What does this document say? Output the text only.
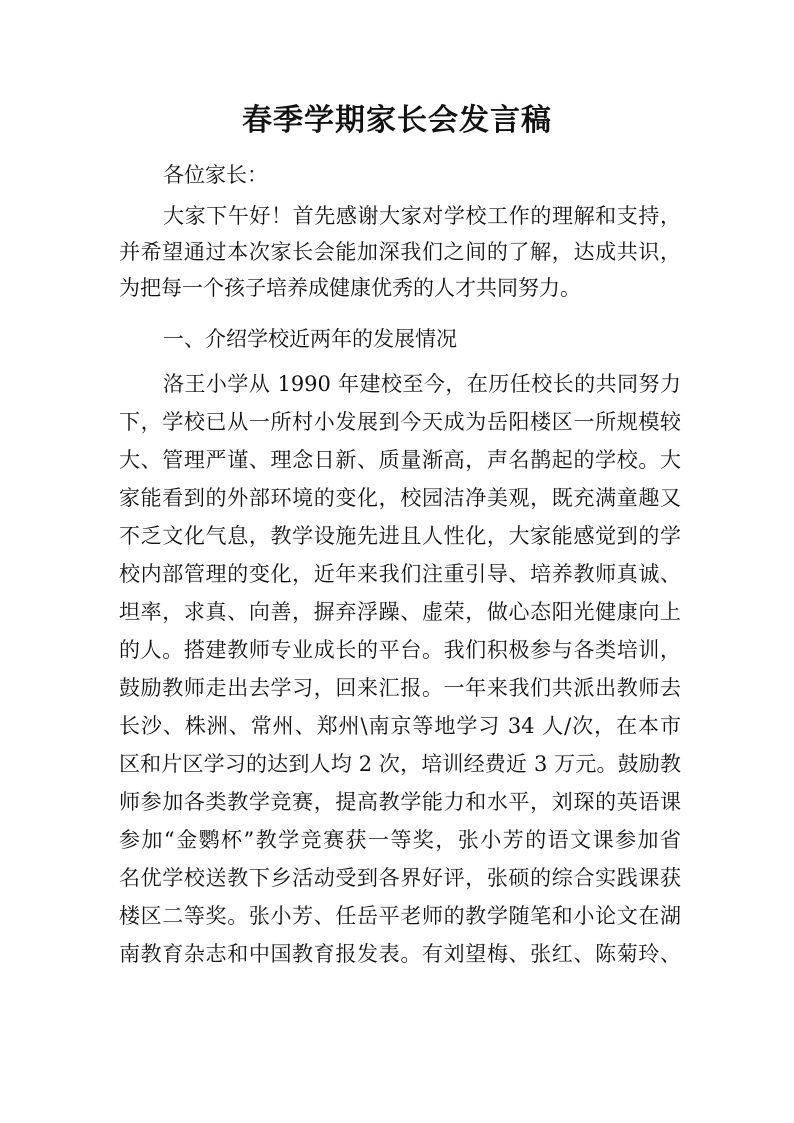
春季学期家长会发言稿

各位家长：

大家下午好！首先感谢大家对学校工作的理解和支持，
并希望通过本次家长会能加深我们之间的了解，达成共识，
为把每一个孩子培养成健康优秀的人才共同努力。

一、介绍学校近两年的发展情况

洛王小学从 1990 年建校至今，在历任校长的共同努力
下，学校已从一所村小发展到今天成为岳阳楼区一所规模较
大、管理严谨、理念日新、质量渐高，声名鹊起的学校。大
家能看到的外部环境的变化，校园洁净美观，既充满童趣又
不乏文化气息，教学设施先进且人性化，大家能感觉到的学
校内部管理的变化，近年来我们注重引导、培养教师真诚、
坦率，求真、向善，摒弃浮躁、虚荣，做心态阳光健康向上
的人。搭建教师专业成长的平台。我们积极参与各类培训，
鼓励教师走出去学习，回来汇报。一年来我们共派出教师去
长沙、株洲、常州、郑州\南京等地学习 34 人/次，在本市
区和片区学习的达到人均 2 次，培训经费近 3 万元。鼓励教
师参加各类教学竞赛，提高教学能力和水平，刘琛的英语课
参加“金鹦杯”教学竞赛获一等奖，张小芳的语文课参加省
名优学校送教下乡活动受到各界好评，张硕的综合实践课获
楼区二等奖。张小芳、任岳平老师的教学随笔和小论文在湖
南教育杂志和中国教育报发表。有刘望梅、张红、陈菊玲、
